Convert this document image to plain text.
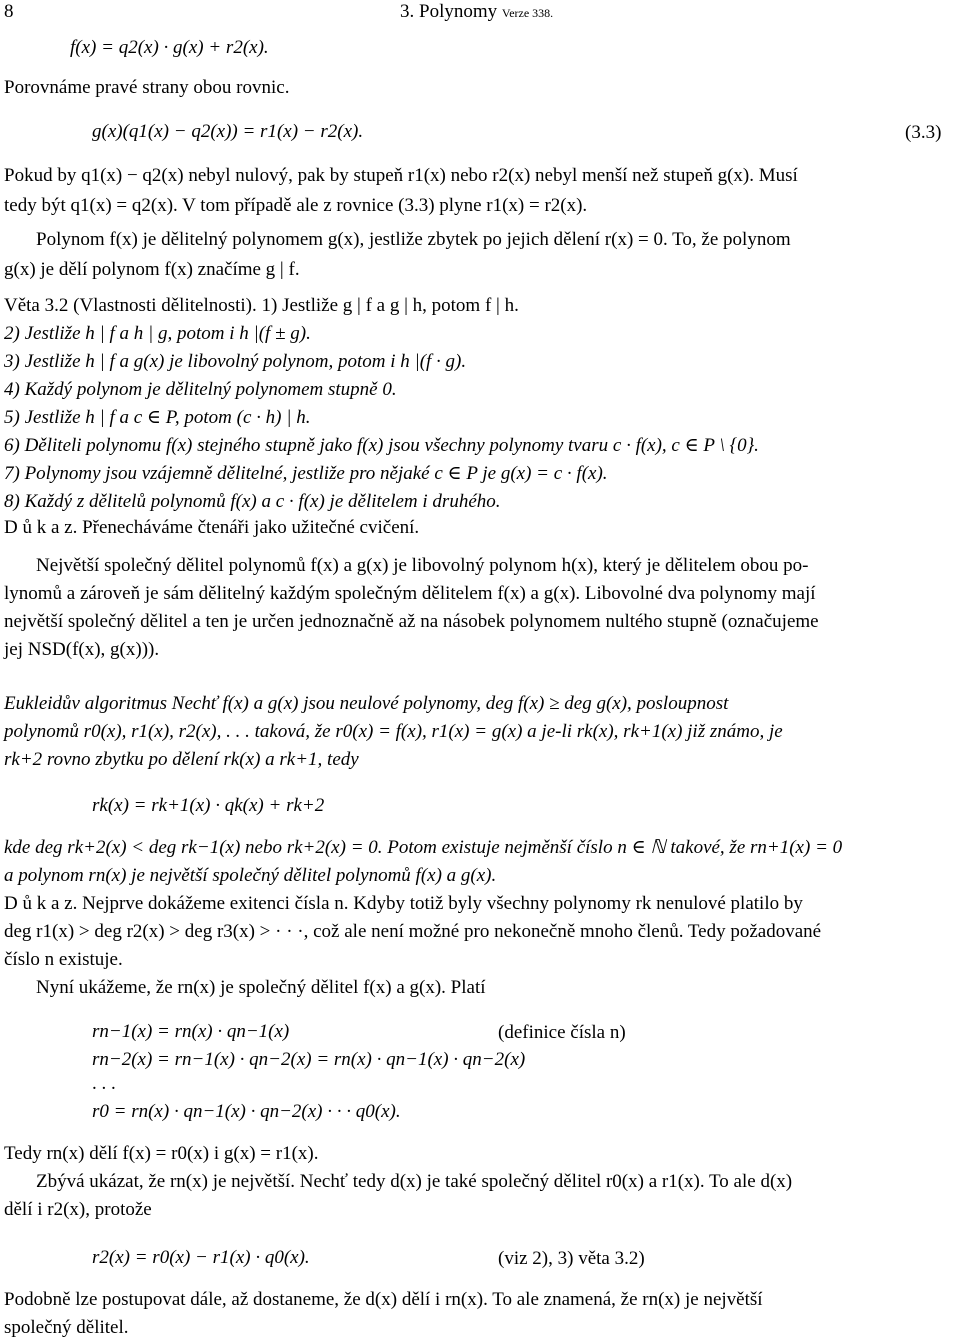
8	3. Polynomy Verze 338.
f(x) = q2(x) · g(x) + r2(x).
Porovnáme pravé strany obou rovnic.
g(x)(q1(x) − q2(x)) = r1(x) − r2(x).	(3.3)
Pokud by q1(x) − q2(x) nebyl nulový, pak by stupeň r1(x) nebo r2(x) nebyl menší než stupeň g(x). Musí
tedy být q1(x) = q2(x). V tom případě ale z rovnice (3.3) plyne r1(x) = r2(x).
Polynom f(x) je dělitelný polynomem g(x), jestliže zbytek po jejich dělení r(x) = 0. To, že polynom
g(x) je dělí polynom f(x) značíme g | f.
Věta 3.2 (Vlastnosti dělitelnosti). 1) Jestliže g | f a g | h, potom f | h.
2) Jestliže h | f a h | g, potom i h |(f ± g).
3) Jestliže h | f a g(x) je libovolný polynom, potom i h |(f · g).
4) Každý polynom je dělitelný polynomem stupně 0.
5) Jestliže h | f a c ∈ P, potom (c · h) | h.
6) Děliteli polynomu f(x) stejného stupně jako f(x) jsou všechny polynomy tvaru c · f(x), c ∈ P \ {0}.
7) Polynomy jsou vzájemně dělitelné, jestliže pro nějaké c ∈ P je g(x) = c · f(x).
8) Každý z dělitelů polynomů f(x) a c · f(x) je dělitelem i druhého.
D ů k a z. Přenecháváme čtenáři jako užitečné cvičení.
Největší společný dělitel polynomů f(x) a g(x) je libovolný polynom h(x), který je dělitelem obou po-
lynomů a zároveň je sám dělitelný každým společným dělitelem f(x) a g(x). Libovolné dva polynomy mají
největší společný dělitel a ten je určen jednoznačně až na násobek polynomem nultého stupně (označujeme
jej NSD(f(x), g(x))).
Eukleidův algoritmus Nechť f(x) a g(x) jsou neulové polynomy, deg f(x) ≥ deg g(x), posloupnost
polynomů r0(x), r1(x), r2(x), . . . taková, že r0(x) = f(x), r1(x) = g(x) a je-li rk(x), rk+1(x) již známo, je
rk+2 rovno zbytku po dělení rk(x) a rk+1, tedy
rk(x) = rk+1(x) · qk(x) + rk+2
kde deg rk+2(x) < deg rk−1(x) nebo rk+2(x) = 0. Potom existuje nejměnší číslo n ∈ ℕ takové, že rn+1(x) = 0
a polynom rn(x) je největší společný dělitel polynomů f(x) a g(x).
D ů k a z. Nejprve dokážeme exitenci čísla n. Kdyby totiž byly všechny polynomy rk nenulové platilo by
deg r1(x) > deg r2(x) > deg r3(x) > · · ·, což ale není možné pro nekonečně mnoho členů. Tedy požadované
číslo n existuje.
Nyní ukážeme, že rn(x) je společný dělitel f(x) a g(x). Platí
rn−1(x) = rn(x) · qn−1(x)	(definice čísla n)
rn−2(x) = rn−1(x) · qn−2(x) = rn(x) · qn−1(x) · qn−2(x)
. . .
r0 = rn(x) · qn−1(x) · qn−2(x) · · · q0(x).
Tedy rn(x) dělí f(x) = r0(x) i g(x) = r1(x).
Zbývá ukázat, že rn(x) je největší. Nechť tedy d(x) je také společný dělitel r0(x) a r1(x). To ale d(x)
dělí i r2(x), protože
r2(x) = r0(x) − r1(x) · q0(x).	(viz 2), 3) věta 3.2)
Podobně lze postupovat dále, až dostaneme, že d(x) dělí i rn(x). To ale znamená, že rn(x) je největší
společný dělitel.
